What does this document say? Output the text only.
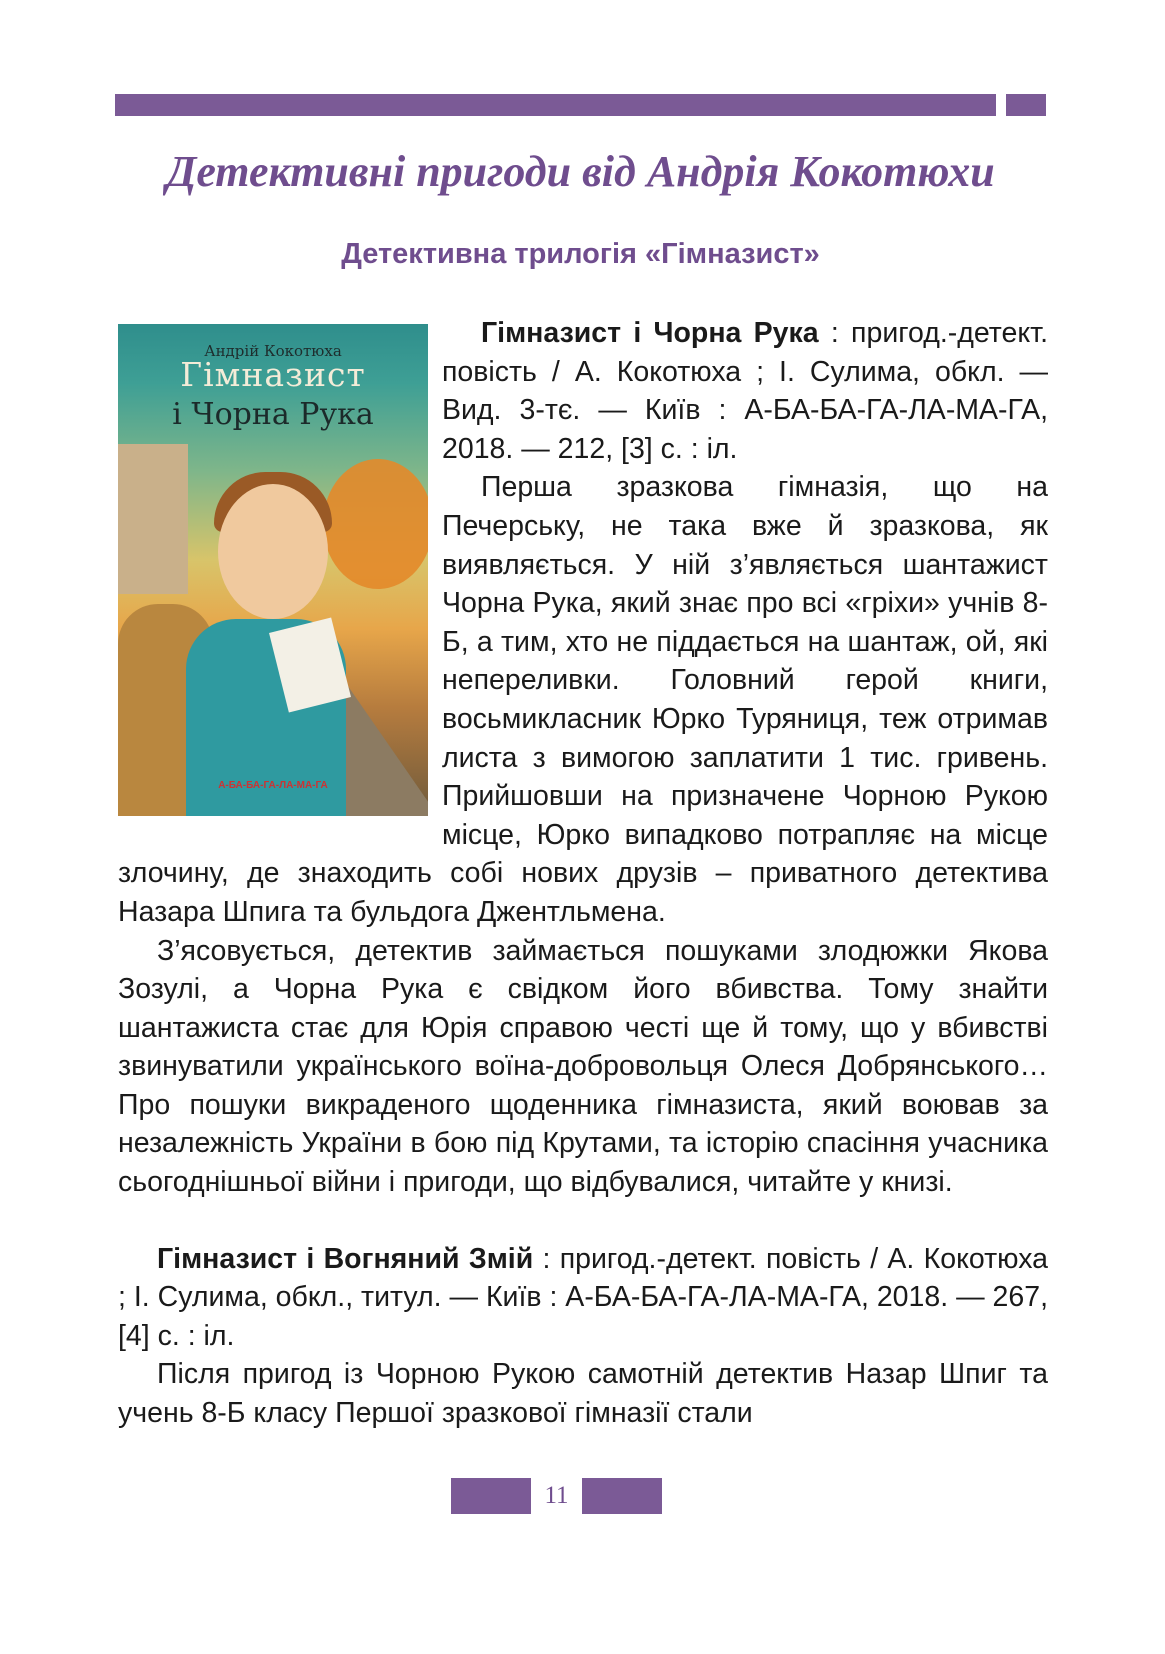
Детективні пригоди від Андрія Кокотюхи
Детективна трилогія «Гімназист»
Андрій Кокотюха
Гімназист
і Чорна Рука
А-БА-БА-ГА-ЛА-МА-ГА

Гімназист і Чорна Рука : пригод.-детект. повість / А. Кокотюха ; І. Сулима, обкл. — Вид. 3-тє. — Київ : А-БА-БА-ГА-ЛА-МА-ГА, 2018. — 212, [3] с. : іл.

Перша зразкова гімназія, що на Печерську, не така вже й зразкова, як виявляється. У ній з’являється шантажист Чорна Рука, який знає про всі «гріхи» учнів 8-Б, а тим, хто не піддається на шантаж, ой, які непереливки. Головний герой книги, восьмикласник Юрко Туряниця, теж отримав листа з вимогою заплатити 1 тис. гривень. Прийшовши на призначене Чорною Рукою місце, Юрко випадково потрапляє на місце злочину, де знаходить собі нових друзів – приватного детектива Назара Шпига та бульдога Джентльмена.

З’ясовується, детектив займається пошуками злодюжки Якова Зозулі, а Чорна Рука є свідком його вбивства. Тому знайти шантажиста стає для Юрія справою честі ще й тому, що у вбивстві звинуватили українського воїна-добровольця Олеся Добрянського… Про пошуки викраденого щоденника гімназиста, який воював за незалежність України в бою під Крутами, та історію спасіння учасника сьогоднішньої війни і пригоди, що відбувалися, читайте у книзі.

Гімназист і Вогняний Змій : пригод.-детект. повість / А. Кокотюха ; І. Сулима, обкл., титул. — Київ : А-БА-БА-ГА-ЛА-МА-ГА, 2018. — 267, [4] с. : іл.

Після пригод із Чорною Рукою самотній детектив Назар Шпиг та учень 8-Б класу Першої зразкової гімназії стали

11
